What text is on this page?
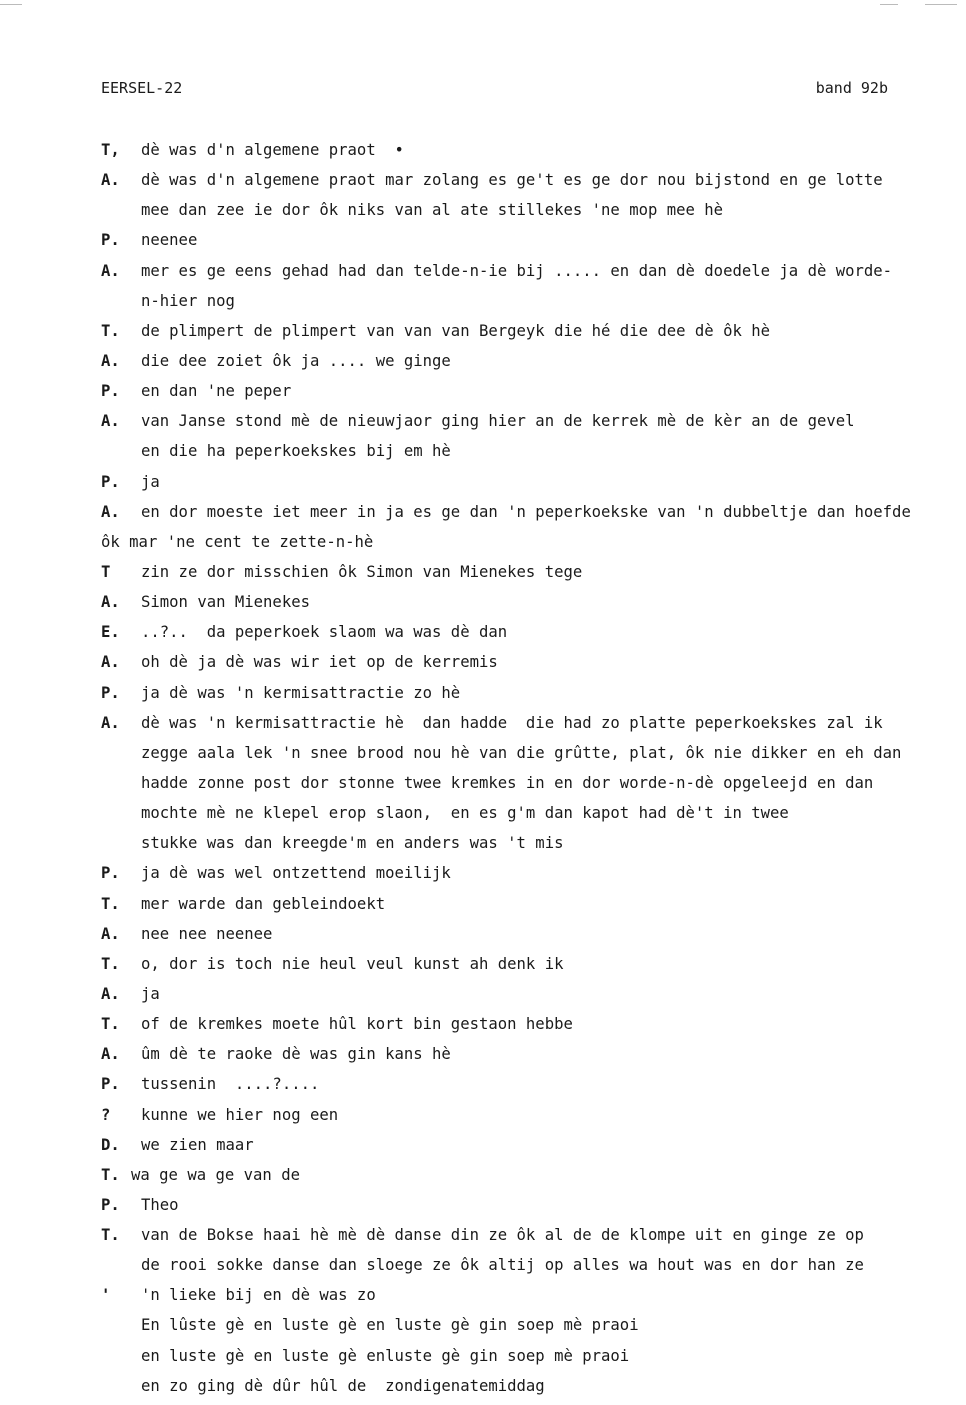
EERSEL-22	band 92b
T, dè was d'n algemene praot  •
A. dè was d'n algemene praot mar zolang es ge't es ge dor nou bijstond en ge lotte
mee dan zee ie dor ôk niks van al ate stillekes 'ne mop mee hè
P. neenee
A. mer es ge eens gehad had dan telde-n-ie bij ..... en dan dè doedele ja dè worde-
n-hier nog
T. de plimpert de plimpert van van van Bergeyk die hé die dee dè ôk hè
A. die dee zoiet ôk ja .... we ginge
P. en dan 'ne peper
A. van Janse stond mè de nieuwjaor ging hier an de kerrek mè de kèr an de gevel
en die ha peperkoekskes bij em hè
P. ja
A. en dor moeste iet meer in ja es ge dan 'n peperkoekske van 'n dubbeltje dan hoefde
ôk mar 'ne cent te zette-n-hè
T zin ze dor misschien ôk Simon van Mienekes tege
A. Simon van Mienekes
E. ..?..  da peperkoek slaom wa was dè dan
A. oh dè ja dè was wir iet op de kerremis
P. ja dè was 'n kermisattractie zo hè
A. dè was 'n kermisattractie hè  dan hadde  die had zo platte peperkoekskes zal ik
zegge aala lek 'n snee brood nou hè van die grûtte, plat, ôk nie dikker en eh dan
hadde zonne post dor stonne twee kremkes in en dor worde-n-dè opgeleejd en dan
mochte mè ne klepel erop slaon,  en es g'm dan kapot had dè't in twee
stukke was dan kreegde'm en anders was 't mis
P. ja dè was wel ontzettend moeilijk
T. mer warde dan gebleindoekt
A. nee nee neenee
T. o, dor is toch nie heul veul kunst ah denk ik
A. ja
T. of de kremkes moete hûl kort bin gestaon hebbe
A. ûm dè te raoke dè was gin kans hè
P. tussenin  ....?....
? kunne we hier nog een
D. we zien maar
T. wa ge wa ge van de
P. Theo
T. van de Bokse haai hè mè dè danse din ze ôk al de de klompe uit en ginge ze op
de rooi sokke danse dan sloege ze ôk altij op alles wa hout was en dor han ze
' 'n lieke bij en dè was zo
En lûste gè en luste gè en luste gè gin soep mè praoi
en luste gè en luste gè enluste gè gin soep mè praoi
en zo ging dè dûr hûl de  zondigenatemiddag
